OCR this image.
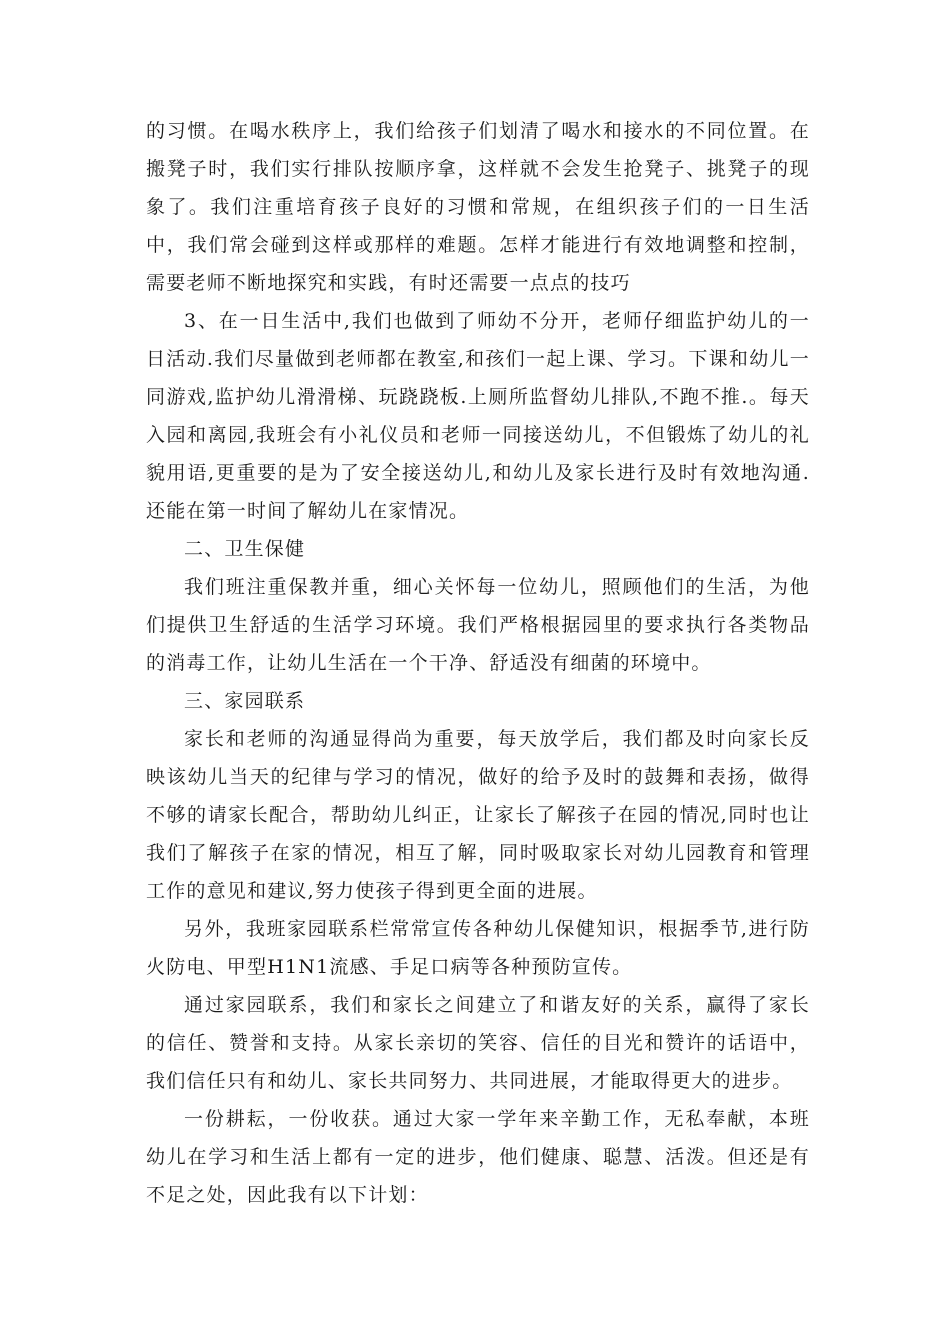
的习惯。在喝水秩序上，我们给孩子们划清了喝水和接水的不同位置。在搬凳子时，我们实行排队按顺序拿，这样就不会发生抢凳子、挑凳子的现象了。我们注重培育孩子良好的习惯和常规，在组织孩子们的一日生活中，我们常会碰到这样或那样的难题。怎样才能进行有效地调整和控制，需要老师不断地探究和实践，有时还需要一点点的技巧

3、在一日生活中,我们也做到了师幼不分开，老师仔细监护幼儿的一日活动.我们尽量做到老师都在教室,和孩们一起上课、学习。下课和幼儿一同游戏,监护幼儿滑滑梯、玩跷跷板.上厕所监督幼儿排队,不跑不推.。每天入园和离园,我班会有小礼仪员和老师一同接送幼儿，不但锻炼了幼儿的礼貌用语,更重要的是为了安全接送幼儿,和幼儿及家长进行及时有效地沟通.还能在第一时间了解幼儿在家情况。

二、卫生保健

我们班注重保教并重，细心关怀每一位幼儿，照顾他们的生活，为他们提供卫生舒适的生活学习环境。我们严格根据园里的要求执行各类物品的消毒工作，让幼儿生活在一个干净、舒适没有细菌的环境中。

三、家园联系

家长和老师的沟通显得尚为重要，每天放学后，我们都及时向家长反映该幼儿当天的纪律与学习的情况，做好的给予及时的鼓舞和表扬，做得不够的请家长配合，帮助幼儿纠正，让家长了解孩子在园的情况,同时也让我们了解孩子在家的情况，相互了解，同时吸取家长对幼儿园教育和管理工作的意见和建议,努力使孩子得到更全面的进展。

另外，我班家园联系栏常常宣传各种幼儿保健知识，根据季节,进行防火防电、甲型H1N1流感、手足口病等各种预防宣传。

通过家园联系，我们和家长之间建立了和谐友好的关系，赢得了家长的信任、赞誉和支持。从家长亲切的笑容、信任的目光和赞许的话语中，我们信任只有和幼儿、家长共同努力、共同进展，才能取得更大的进步。

一份耕耘，一份收获。通过大家一学年来辛勤工作，无私奉献，本班幼儿在学习和生活上都有一定的进步，他们健康、聪慧、活泼。但还是有不足之处，因此我有以下计划：
